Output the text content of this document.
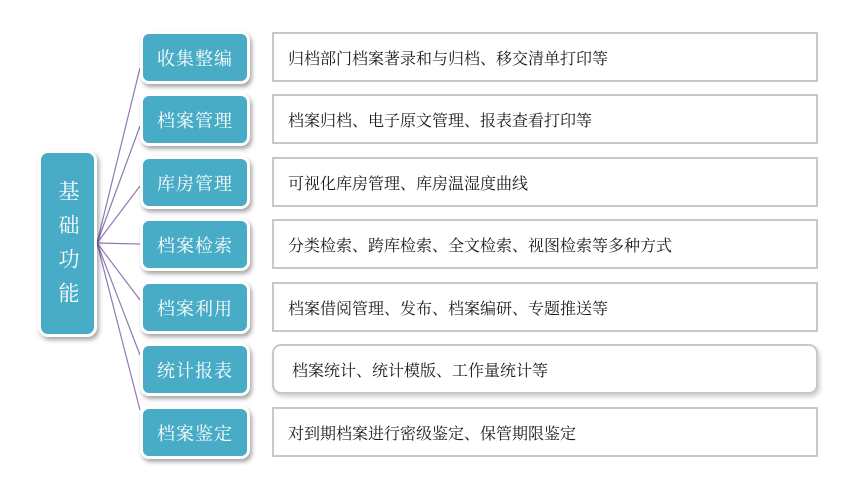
基础功能
收集整编	归档部门档案著录和与归档、移交清单打印等
档案管理	档案归档、电子原文管理、报表查看打印等
库房管理	可视化库房管理、库房温湿度曲线
档案检索	分类检索、跨库检索、全文检索、视图检索等多种方式
档案利用	档案借阅管理、发布、档案编研、专题推送等
统计报表	档案统计、统计模版、工作量统计等
档案鉴定	对到期档案进行密级鉴定、保管期限鉴定
